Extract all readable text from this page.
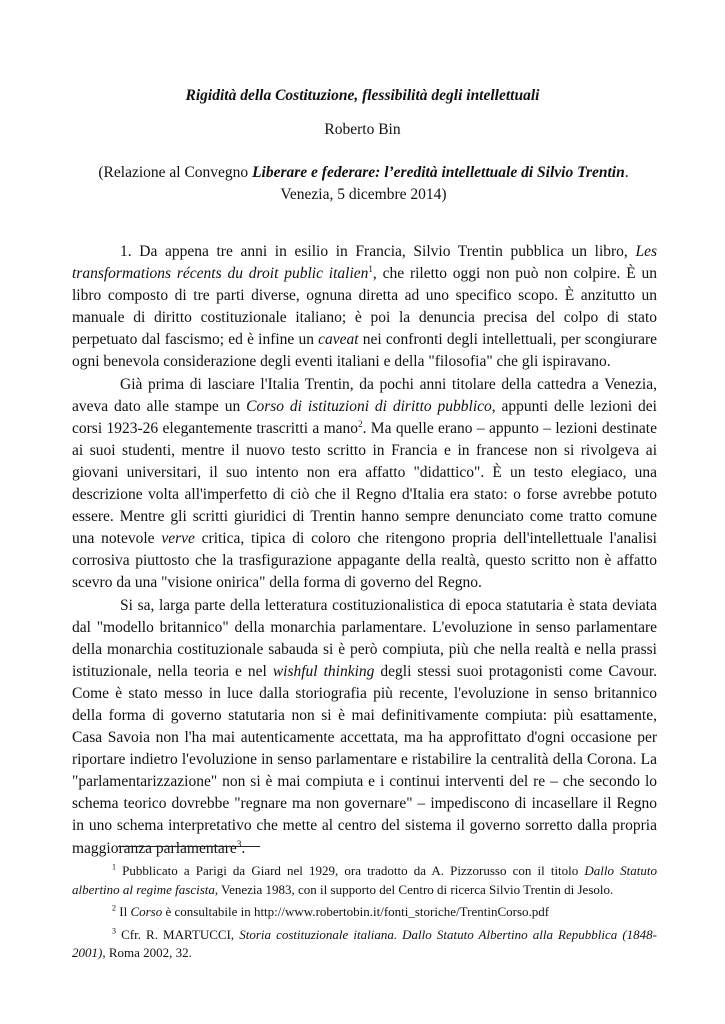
Rigidità della Costituzione, flessibilità degli intellettuali
Roberto Bin
(Relazione al Convegno Liberare e federare: l’eredità intellettuale di Silvio Trentin. Venezia, 5 dicembre 2014)

1. Da appena tre anni in esilio in Francia, Silvio Trentin pubblica un libro, Les transformations récents du droit public italien$^1$, che riletto oggi non può non colpire. È un libro composto di tre parti diverse, ognuna diretta ad uno specifico scopo. È anzitutto un manuale di diritto costituzionale italiano; è poi la denuncia precisa del colpo di stato perpetuato dal fascismo; ed è infine un caveat nei confronti degli intellettuali, per scongiurare ogni benevola considerazione degli eventi italiani e della "filosofia" che gli ispiravano.

Già prima di lasciare l'Italia Trentin, da pochi anni titolare della cattedra a Venezia, aveva dato alle stampe un Corso di istituzioni di diritto pubblico, appunti delle lezioni dei corsi 1923-26 elegantemente trascritti a mano$^2$. Ma quelle erano – appunto – lezioni destinate ai suoi studenti, mentre il nuovo testo scritto in Francia e in francese non si rivolgeva ai giovani universitari, il suo intento non era affatto "didattico". È un testo elegiaco, una descrizione volta all'imperfetto di ciò che il Regno d'Italia era stato: o forse avrebbe potuto essere. Mentre gli scritti giuridici di Trentin hanno sempre denunciato come tratto comune una notevole verve critica, tipica di coloro che ritengono propria dell'intellettuale l'analisi corrosiva piuttosto che la trasfigurazione appagante della realtà, questo scritto non è affatto scevro da una "visione onirica" della forma di governo del Regno.

Si sa, larga parte della letteratura costituzionalistica di epoca statutaria è stata deviata dal "modello britannico" della monarchia parlamentare. L'evoluzione in senso parlamentare della monarchia costituzionale sabauda si è però compiuta, più che nella realtà e nella prassi istituzionale, nella teoria e nel wishful thinking degli stessi suoi protagonisti come Cavour. Come è stato messo in luce dalla storiografia più recente, l'evoluzione in senso britannico della forma di governo statutaria non si è mai definitivamente compiuta: più esattamente, Casa Savoia non l'ha mai autenticamente accettata, ma ha approfittato d'ogni occasione per riportare indietro l'evoluzione in senso parlamentare e ristabilire la centralità della Corona. La "parlamentarizzazione" non si è mai compiuta e i continui interventi del re – che secondo lo schema teorico dovrebbe "regnare ma non governare" – impediscono di incasellare il Regno in uno schema interpretativo che mette al centro del sistema il governo sorretto dalla propria maggioranza parlamentare$^3$.

$^1$ Pubblicato a Parigi da Giard nel 1929, ora tradotto da A. Pizzorusso con il titolo Dallo Statuto albertino al regime fascista, Venezia 1983, con il supporto del Centro di ricerca Silvio Trentin di Jesolo.

$^2$ Il Corso è consultabile in http://www.robertobin.it/fonti_storiche/TrentinCorso.pdf

$^3$ Cfr. R. MARTUCCI, Storia costituzionale italiana. Dallo Statuto Albertino alla Repubblica (1848-2001), Roma 2002, 32.
